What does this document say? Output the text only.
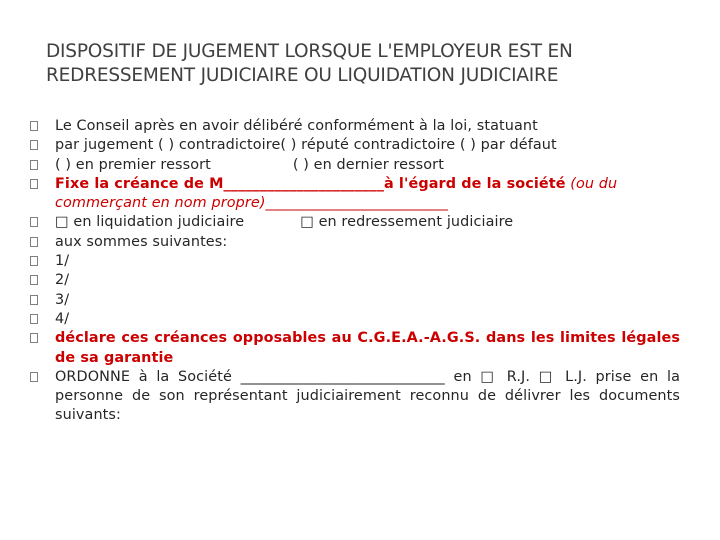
DISPOSITIF DE JUGEMENT LORSQUE L'EMPLOYEUR EST EN
REDRESSEMENT JUDICIAIRE OU LIQUIDATION JUDICIAIRE
Le Conseil après en avoir délibéré conformément à la loi, statuant
par jugement ( ) contradictoire( ) réputé contradictoire ( ) par défaut
( ) en premier ressort	( ) en dernier ressort
Fixe la créance de M______________________à l'égard de la société (ou du commerçant en nom propre)_________________________
□ en liquidation judiciaire	□ en redressement judiciaire
aux sommes suivantes:
1/
2/
3/
4/
déclare ces créances opposables au C.G.E.A.-A.G.S. dans les limites légales de sa garantie
ORDONNE à la Société ____________________________ en □ R.J. □ L.J. prise en la personne de son représentant judiciairement reconnu de délivrer les documents suivants:
